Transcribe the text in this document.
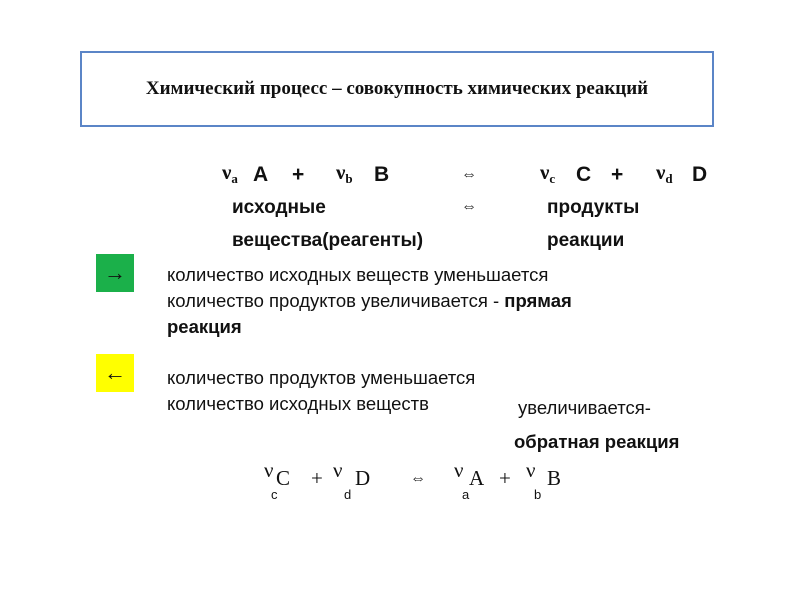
Химический процесс – совокупность химических реакций
νa A + νb B	⇔	νc C + νd D
исходные	⇔	продукты
вещества(реагенты)	реакции
→ количество исходных веществ уменьшается
количество продуктов увеличивается - прямая
реакция
← количество продуктов уменьшается
количество исходных веществ	увеличивается-
обратная реакция
ν
c
C + ν
d
D ⇔ ν
a
A + ν
b
B
